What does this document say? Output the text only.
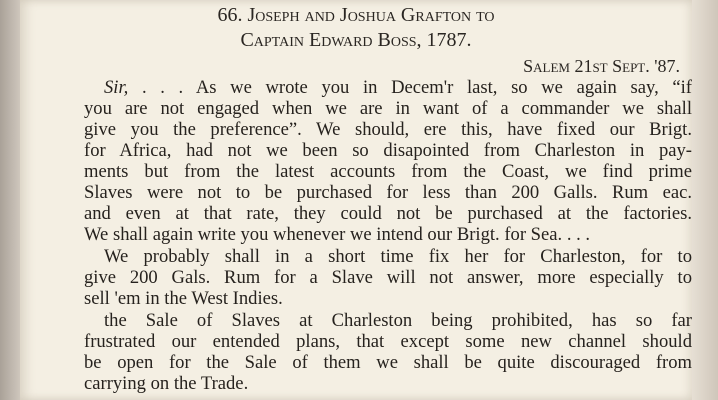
66. Joseph and Joshua Grafton to
Captain Edward Boss, 1787.
Salem 21st Sept. '87.
Sir, . . . As we wrote you in Decem'r last, so we again say, “if
you are not engaged when we are in want of a commander we shall
give you the preference”. We should, ere this, have fixed our Brigt.
for Africa, had not we been so disapointed from Charleston in pay-
ments but from the latest accounts from the Coast, we find prime
Slaves were not to be purchased for less than 200 Galls. Rum eac.
and even at that rate, they could not be purchased at the factories.
We shall again write you whenever we intend our Brigt. for Sea. . . .
We probably shall in a short time fix her for Charleston, for to
give 200 Gals. Rum for a Slave will not answer, more especially to
sell 'em in the West Indies.
the Sale of Slaves at Charleston being prohibited, has so far
frustrated our entended plans, that except some new channel should
be open for the Sale of them we shall be quite discouraged from
carrying on the Trade.
